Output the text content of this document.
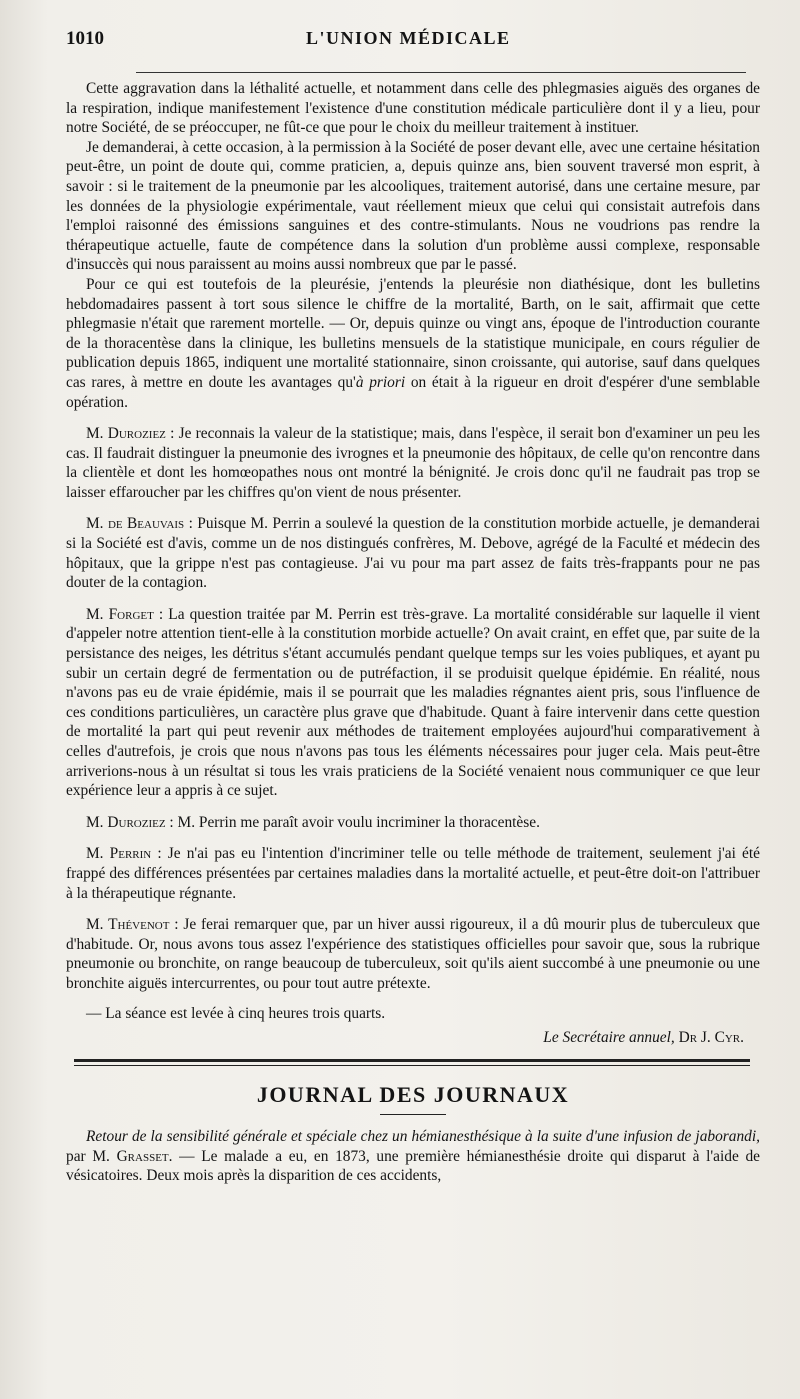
1010	L'UNION MÉDICALE

Cette aggravation dans la léthalité actuelle, et notamment dans celle des phlegmasies aiguës des organes de la respiration, indique manifestement l'existence d'une constitution médicale particulière dont il y a lieu, pour notre Société, de se préoccuper, ne fût-ce que pour le choix du meilleur traitement à instituer.

Je demanderai, à cette occasion, à la permission à la Société de poser devant elle, avec une certaine hésitation peut-être, un point de doute qui, comme praticien, a, depuis quinze ans, bien souvent traversé mon esprit, à savoir : si le traitement de la pneumonie par les alcooliques, traitement autorisé, dans une certaine mesure, par les données de la physiologie expérimentale, vaut réellement mieux que celui qui consistait autrefois dans l'emploi raisonné des émissions sanguines et des contre-stimulants. Nous ne voudrions pas rendre la thérapeutique actuelle, faute de compétence dans la solution d'un problème aussi complexe, responsable d'insuccès qui nous paraissent au moins aussi nombreux que par le passé.

Pour ce qui est toutefois de la pleurésie, j'entends la pleurésie non diathésique, dont les bulletins hebdomadaires passent à tort sous silence le chiffre de la mortalité, Barth, on le sait, affirmait que cette phlegmasie n'était que rarement mortelle. — Or, depuis quinze ou vingt ans, époque de l'introduction courante de la thoracentèse dans la clinique, les bulletins mensuels de la statistique municipale, en cours régulier de publication depuis 1865, indiquent une mortalité stationnaire, sinon croissante, qui autorise, sauf dans quelques cas rares, à mettre en doute les avantages qu'à priori on était à la rigueur en droit d'espérer d'une semblable opération.

M. Duroziez : Je reconnais la valeur de la statistique; mais, dans l'espèce, il serait bon d'examiner un peu les cas. Il faudrait distinguer la pneumonie des ivrognes et la pneumonie des hôpitaux, de celle qu'on rencontre dans la clientèle et dont les homœopathes nous ont montré la bénignité. Je crois donc qu'il ne faudrait pas trop se laisser effaroucher par les chiffres qu'on vient de nous présenter.

M. de Beauvais : Puisque M. Perrin a soulevé la question de la constitution morbide actuelle, je demanderai si la Société est d'avis, comme un de nos distingués confrères, M. Debove, agrégé de la Faculté et médecin des hôpitaux, que la grippe n'est pas contagieuse. J'ai vu pour ma part assez de faits très-frappants pour ne pas douter de la contagion.

M. Forget : La question traitée par M. Perrin est très-grave. La mortalité considérable sur laquelle il vient d'appeler notre attention tient-elle à la constitution morbide actuelle? On avait craint, en effet que, par suite de la persistance des neiges, les détritus s'étant accumulés pendant quelque temps sur les voies publiques, et ayant pu subir un certain degré de fermentation ou de putréfaction, il se produisit quelque épidémie. En réalité, nous n'avons pas eu de vraie épidémie, mais il se pourrait que les maladies régnantes aient pris, sous l'influence de ces conditions particulières, un caractère plus grave que d'habitude. Quant à faire intervenir dans cette question de mortalité la part qui peut revenir aux méthodes de traitement employées aujourd'hui comparativement à celles d'autrefois, je crois que nous n'avons pas tous les éléments nécessaires pour juger cela. Mais peut-être arriverions-nous à un résultat si tous les vrais praticiens de la Société venaient nous communiquer ce que leur expérience leur a appris à ce sujet.

M. Duroziez : M. Perrin me paraît avoir voulu incriminer la thoracentèse.

M. Perrin : Je n'ai pas eu l'intention d'incriminer telle ou telle méthode de traitement, seulement j'ai été frappé des différences présentées par certaines maladies dans la mortalité actuelle, et peut-être doit-on l'attribuer à la thérapeutique régnante.

M. Thévenot : Je ferai remarquer que, par un hiver aussi rigoureux, il a dû mourir plus de tuberculeux que d'habitude. Or, nous avons tous assez l'expérience des statistiques officielles pour savoir que, sous la rubrique pneumonie ou bronchite, on range beaucoup de tuberculeux, soit qu'ils aient succombé à une pneumonie ou une bronchite aiguës intercurrentes, ou pour tout autre prétexte.

— La séance est levée à cinq heures trois quarts.

Le Secrétaire annuel, Dr J. Cyr.
JOURNAL DES JOURNAUX

Retour de la sensibilité générale et spéciale chez un hémianesthésique à la suite d'une infusion de jaborandi, par M. Grasset. — Le malade a eu, en 1873, une première hémianesthésie droite qui disparut à l'aide de vésicatoires. Deux mois après la disparition de ces accidents,
